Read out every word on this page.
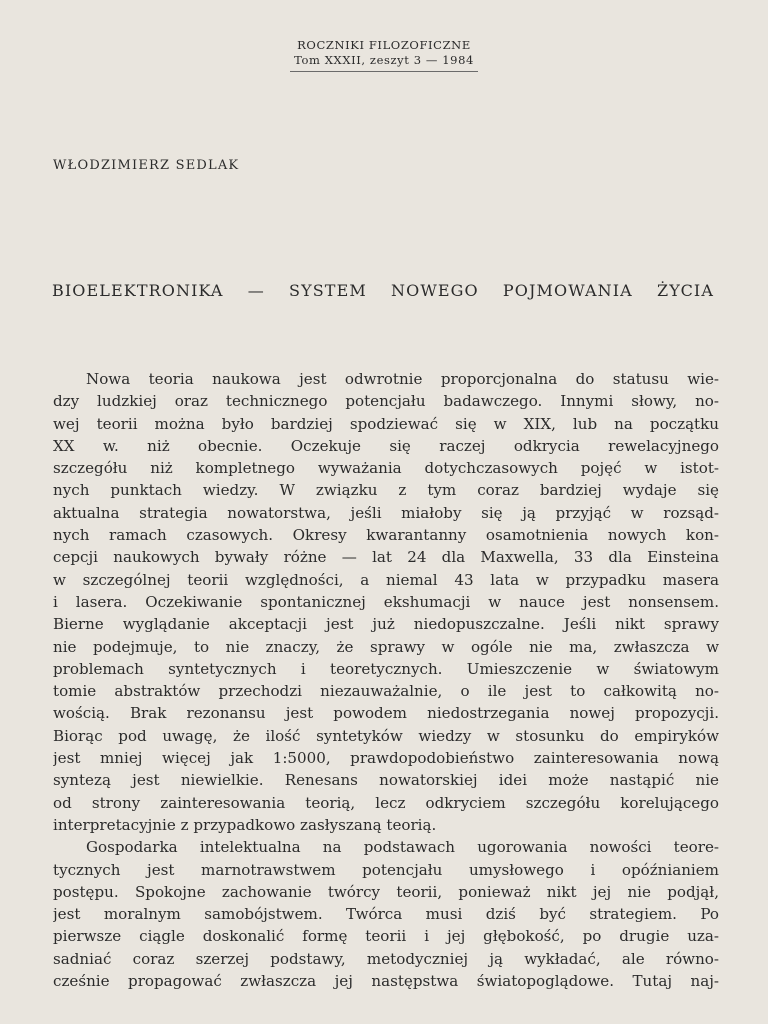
ROCZNIKI FILOZOFICZNE
Tom XXXII, zeszyt 3 — 1984
WŁODZIMIERZ SEDLAK
BIOELEKTRONIKA — SYSTEM NOWEGO POJMOWANIA ŻYCIA
Nowa teoria naukowa jest odwrotnie proporcjonalna do statusu wie-
dzy ludzkiej oraz technicznego potencjału badawczego. Innymi słowy, no-
wej teorii można było bardziej spodziewać się w XIX, lub na początku
XX w. niż obecnie. Oczekuje się raczej odkrycia rewelacyjnego
szczegółu niż kompletnego wyważania dotychczasowych pojęć w istot-
nych punktach wiedzy. W związku z tym coraz bardziej wydaje się
aktualna strategia nowatorstwa, jeśli miałoby się ją przyjąć w rozsąd-
nych ramach czasowych. Okresy kwarantanny osamotnienia nowych kon-
cepcji naukowych bywały różne — lat 24 dla Maxwella, 33 dla Einsteina
w szczególnej teorii względności, a niemal 43 lata w przypadku masera
i lasera. Oczekiwanie spontanicznej ekshumacji w nauce jest nonsensem.
Bierne wyglądanie akceptacji jest już niedopuszczalne. Jeśli nikt sprawy
nie podejmuje, to nie znaczy, że sprawy w ogóle nie ma, zwłaszcza w
problemach syntetycznych i teoretycznych. Umieszczenie w światowym
tomie abstraktów przechodzi niezauważalnie, o ile jest to całkowitą no-
wością. Brak rezonansu jest powodem niedostrzegania nowej propozycji.
Biorąc pod uwagę, że ilość syntetyków wiedzy w stosunku do empiryków
jest mniej więcej jak 1:5000, prawdopodobieństwo zainteresowania nową
syntezą jest niewielkie. Renesans nowatorskiej idei może nastąpić nie
od strony zainteresowania teorią, lecz odkryciem szczegółu korelującego
interpretacyjnie z przypadkowo zasłyszaną teorią.
Gospodarka intelektualna na podstawach ugorowania nowości teore-
tycznych jest marnotrawstwem potencjału umysłowego i opóźnianiem
postępu. Spokojne zachowanie twórcy teorii, ponieważ nikt jej nie podjął,
jest moralnym samobójstwem. Twórca musi dziś być strategiem. Po
pierwsze ciągle doskonalić formę teorii i jej głębokość, po drugie uza-
sadniać coraz szerzej podstawy, metodyczniej ją wykładać, ale równo-
cześnie propagować zwłaszcza jej następstwa światopoglądowe. Tutaj naj-
